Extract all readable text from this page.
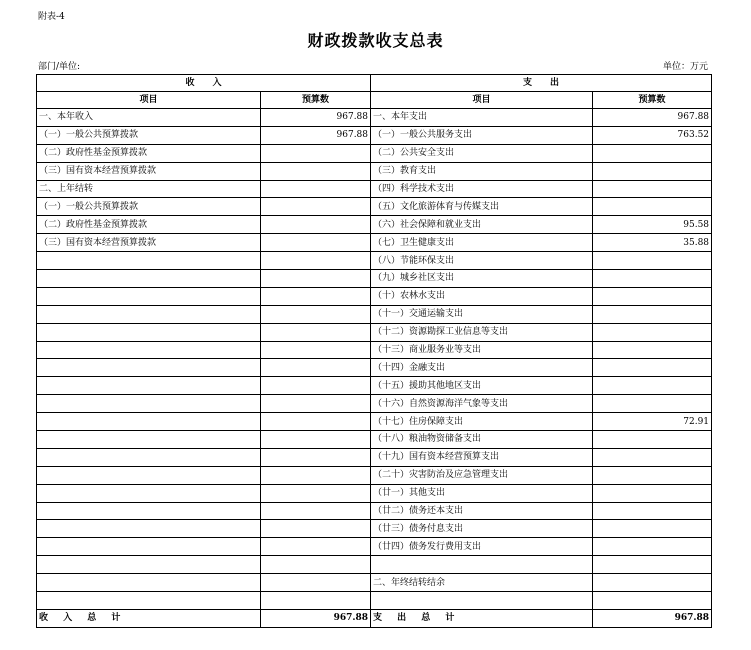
附表-4
财政拨款收支总表
部门/单位:	单位：万元
收　　入		支　　出	
项目	预算数	项目	预算数
一、本年收入	967.88	一、本年支出	967.88
（一）一般公共预算拨款	967.88	（一）一般公共服务支出	763.52
（二）政府性基金预算拨款		（二）公共安全支出	
（三）国有资本经营预算拨款		（三）教育支出	
二、上年结转		（四）科学技术支出	
（一）一般公共预算拨款		（五）文化旅游体育与传媒支出	
（二）政府性基金预算拨款		（六）社会保障和就业支出	95.58
（三）国有资本经营预算拨款		（七）卫生健康支出	35.88
		（八）节能环保支出	
		（九）城乡社区支出	
		（十）农林水支出	
		（十一）交通运输支出	
		（十二）资源勘探工业信息等支出	
		（十三）商业服务业等支出	
		（十四）金融支出	
		（十五）援助其他地区支出	
		（十六）自然资源海洋气象等支出	
		（十七）住房保障支出	72.91
		（十八）粮油物资储备支出	
		（十九）国有资本经营预算支出	
		（二十）灾害防治及应急管理支出	
		（廿一）其他支出	
		（廿二）债务还本支出	
		（廿三）债务付息支出	
		（廿四）债务发行费用支出	

		二、年终结转结余	

收 入 总 计	967.88	支 出 总 计	967.88
